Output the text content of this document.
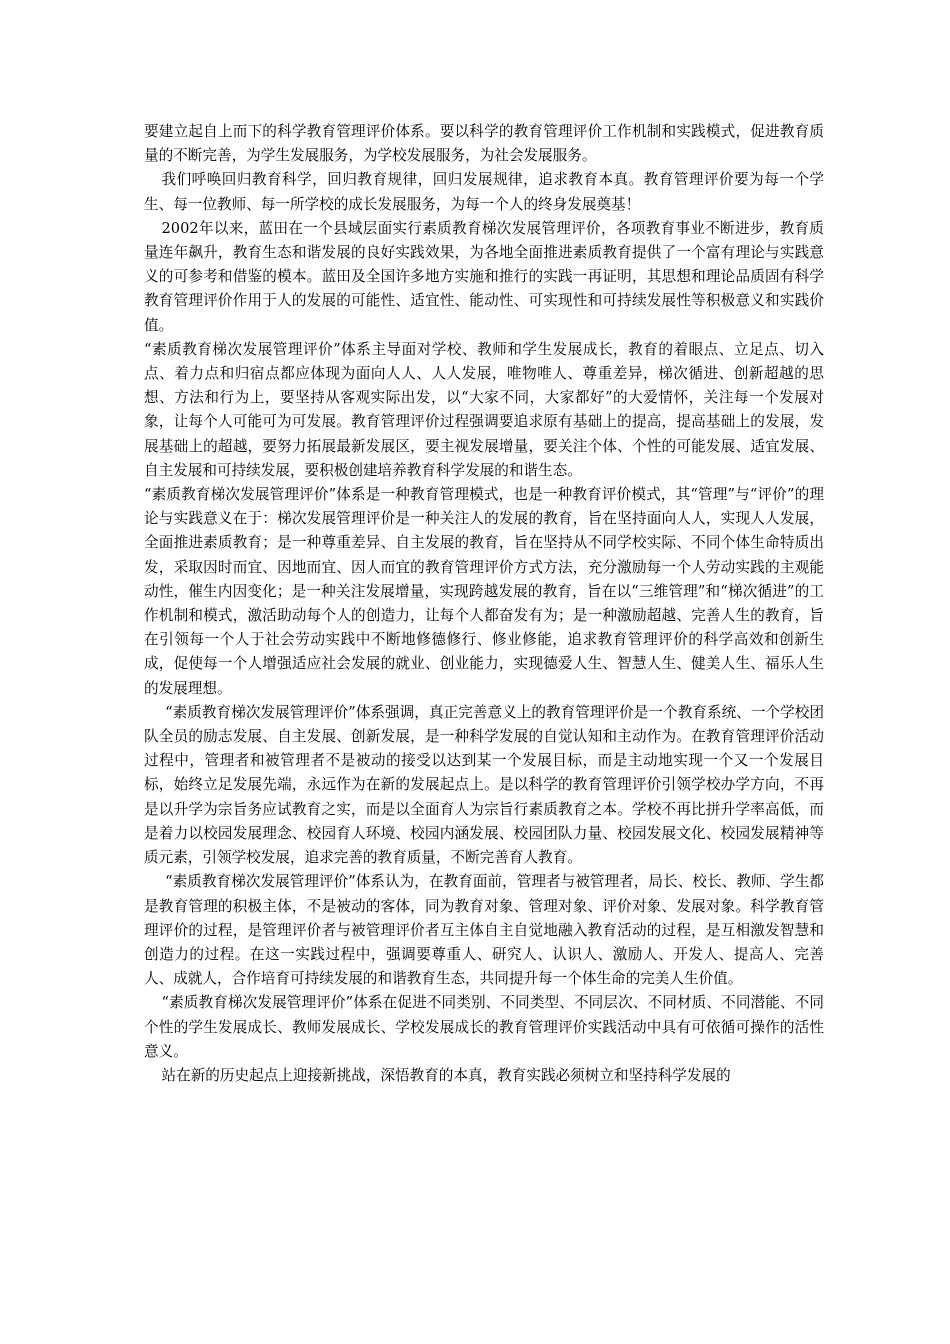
要建立起自上而下的科学教育管理评价体系。要以科学的教育管理评价工作机制和实践模式，促进教育质量的不断完善，为学生发展服务，为学校发展服务，为社会发展服务。

我们呼唤回归教育科学，回归教育规律，回归发展规律，追求教育本真。教育管理评价要为每一个学生、每一位教师、每一所学校的成长发展服务，为每一个人的终身发展奠基！

2002年以来，蓝田在一个县域层面实行素质教育梯次发展管理评价，各项教育事业不断进步，教育质量连年飙升，教育生态和谐发展的良好实践效果，为各地全面推进素质教育提供了一个富有理论与实践意义的可参考和借鉴的模本。蓝田及全国许多地方实施和推行的实践一再证明，其思想和理论品质固有科学教育管理评价作用于人的发展的可能性、适宜性、能动性、可实现性和可持续发展性等积极意义和实践价值。

“素质教育梯次发展管理评价”体系主导面对学校、教师和学生发展成长，教育的着眼点、立足点、切入点、着力点和归宿点都应体现为面向人人、人人发展，唯物唯人、尊重差异，梯次循进、创新超越的思想、方法和行为上，要坚持从客观实际出发，以“大家不同，大家都好”的大爱情怀，关注每一个发展对象，让每个人可能可为可发展。教育管理评价过程强调要追求原有基础上的提高，提高基础上的发展，发展基础上的超越，要努力拓展最新发展区，要主视发展增量，要关注个体、个性的可能发展、适宜发展、自主发展和可持续发展，要积极创建培养教育科学发展的和谐生态。

“素质教育梯次发展管理评价”体系是一种教育管理模式，也是一种教育评价模式，其“管理”与“评价”的理论与实践意义在于：梯次发展管理评价是一种关注人的发展的教育，旨在坚持面向人人，实现人人发展，全面推进素质教育；是一种尊重差异、自主发展的教育，旨在坚持从不同学校实际、不同个体生命特质出发，采取因时而宜、因地而宜、因人而宜的教育管理评价方式方法，充分激励每一个人劳动实践的主观能动性，催生内因变化；是一种关注发展增量，实现跨越发展的教育，旨在以“三维管理”和“梯次循进”的工作机制和模式，激活助动每个人的创造力，让每个人都奋发有为；是一种激励超越、完善人生的教育，旨在引领每一个人于社会劳动实践中不断地修德修行、修业修能，追求教育管理评价的科学高效和创新生成，促使每一个人增强适应社会发展的就业、创业能力，实现德爱人生、智慧人生、健美人生、福乐人生的发展理想。

“素质教育梯次发展管理评价”体系强调，真正完善意义上的教育管理评价是一个教育系统、一个学校团队全员的励志发展、自主发展、创新发展，是一种科学发展的自觉认知和主动作为。在教育管理评价活动过程中，管理者和被管理者不是被动的接受以达到某一个发展目标，而是主动地实现一个又一个发展目标，始终立足发展先端，永远作为在新的发展起点上。是以科学的教育管理评价引领学校办学方向，不再是以升学为宗旨务应试教育之实，而是以全面育人为宗旨行素质教育之本。学校不再比拼升学率高低，而是着力以校园发展理念、校园育人环境、校园内涵发展、校园团队力量、校园发展文化、校园发展精神等质元素，引领学校发展，追求完善的教育质量，不断完善育人教育。

“素质教育梯次发展管理评价”体系认为，在教育面前，管理者与被管理者，局长、校长、教师、学生都是教育管理的积极主体，不是被动的客体，同为教育对象、管理对象、评价对象、发展对象。科学教育管理评价的过程，是管理评价者与被管理评价者互主体自主自觉地融入教育活动的过程，是互相激发智慧和创造力的过程。在这一实践过程中，强调要尊重人、研究人、认识人、激励人、开发人、提高人、完善人、成就人，合作培育可持续发展的和谐教育生态，共同提升每一个体生命的完美人生价值。

“素质教育梯次发展管理评价”体系在促进不同类别、不同类型、不同层次、不同材质、不同潜能、不同个性的学生发展成长、教师发展成长、学校发展成长的教育管理评价实践活动中具有可依循可操作的活性意义。

站在新的历史起点上迎接新挑战，深悟教育的本真，教育实践必须树立和坚持科学发展的
